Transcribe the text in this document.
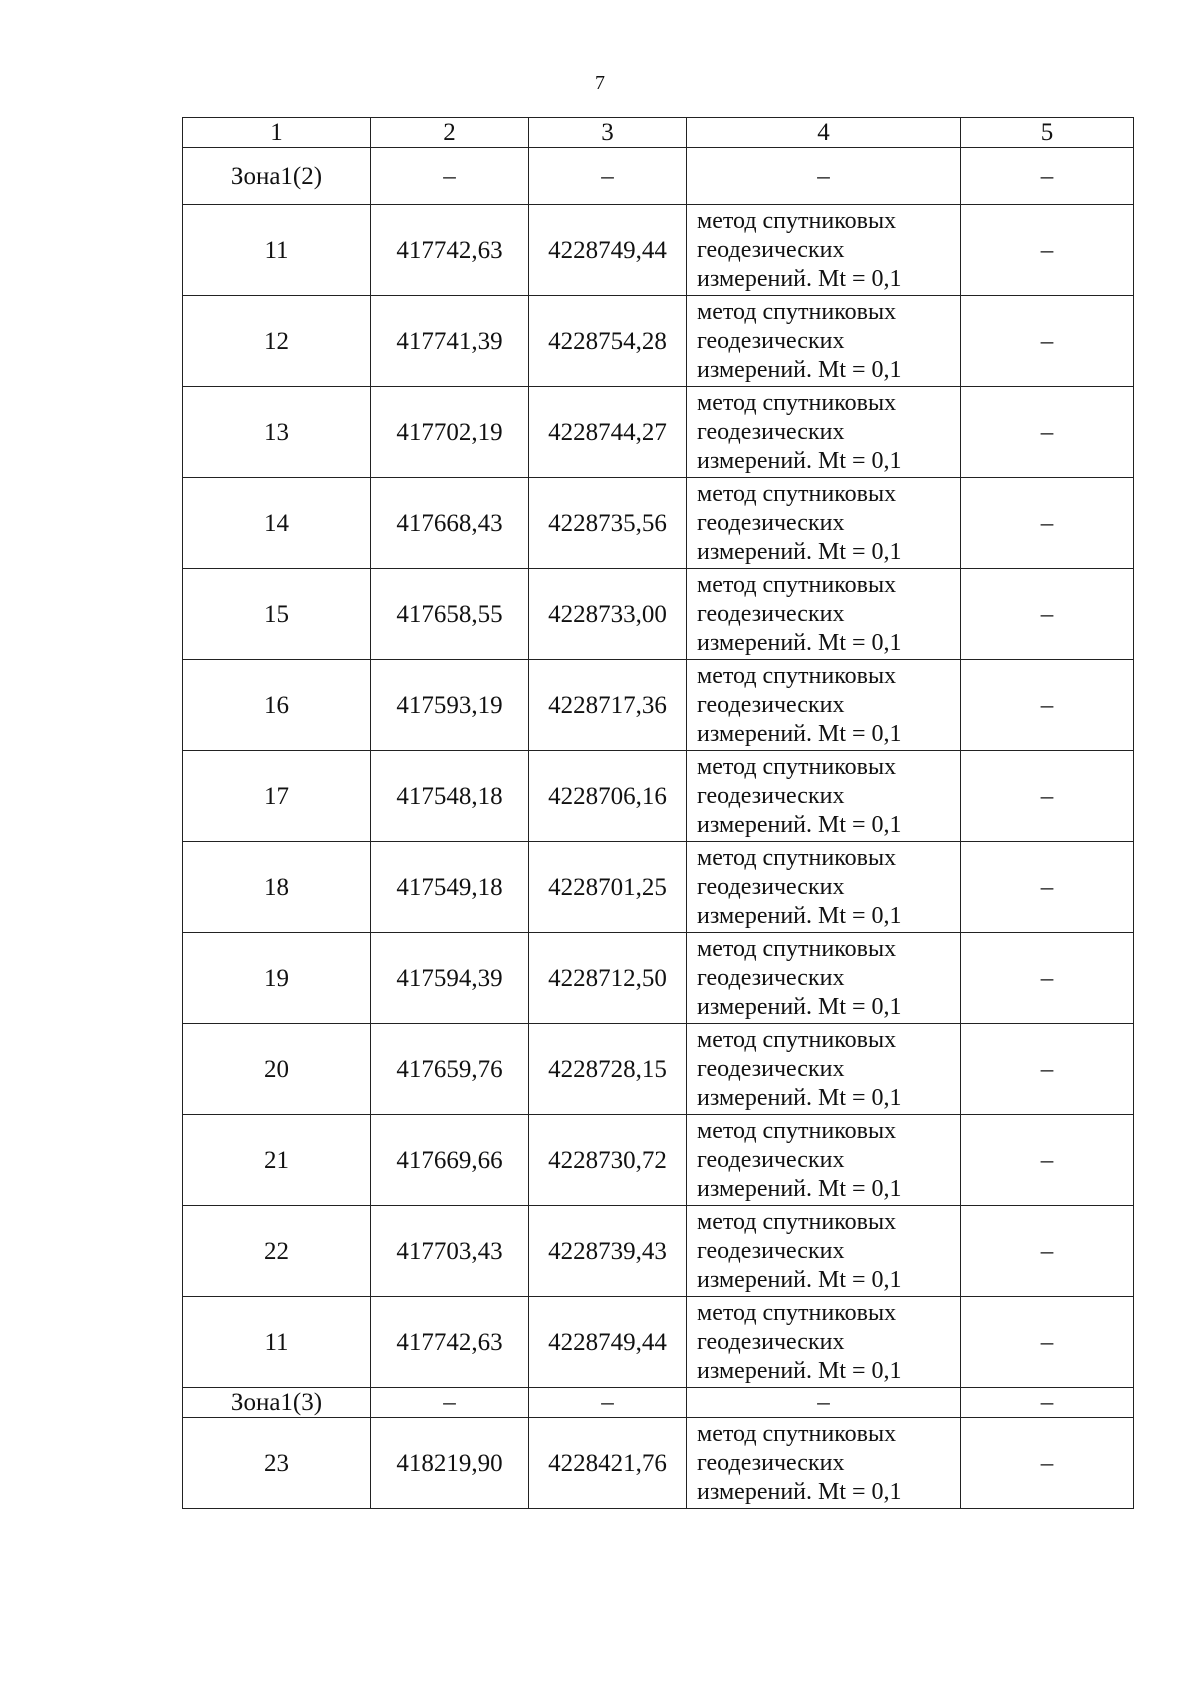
7
1	2	3	4	5
Зона1(2)	–	–	–	–
11	417742,63	4228749,44	метод спутниковых
геодезических
измерений. Mt = 0,1	–
12	417741,39	4228754,28	метод спутниковых
геодезических
измерений. Mt = 0,1	–
13	417702,19	4228744,27	метод спутниковых
геодезических
измерений. Mt = 0,1	–
14	417668,43	4228735,56	метод спутниковых
геодезических
измерений. Mt = 0,1	–
15	417658,55	4228733,00	метод спутниковых
геодезических
измерений. Mt = 0,1	–
16	417593,19	4228717,36	метод спутниковых
геодезических
измерений. Mt = 0,1	–
17	417548,18	4228706,16	метод спутниковых
геодезических
измерений. Mt = 0,1	–
18	417549,18	4228701,25	метод спутниковых
геодезических
измерений. Mt = 0,1	–
19	417594,39	4228712,50	метод спутниковых
геодезических
измерений. Mt = 0,1	–
20	417659,76	4228728,15	метод спутниковых
геодезических
измерений. Mt = 0,1	–
21	417669,66	4228730,72	метод спутниковых
геодезических
измерений. Mt = 0,1	–
22	417703,43	4228739,43	метод спутниковых
геодезических
измерений. Mt = 0,1	–
11	417742,63	4228749,44	метод спутниковых
геодезических
измерений. Mt = 0,1	–
Зона1(3)	–	–	–	–
23	418219,90	4228421,76	метод спутниковых
геодезических
измерений. Mt = 0,1	–
